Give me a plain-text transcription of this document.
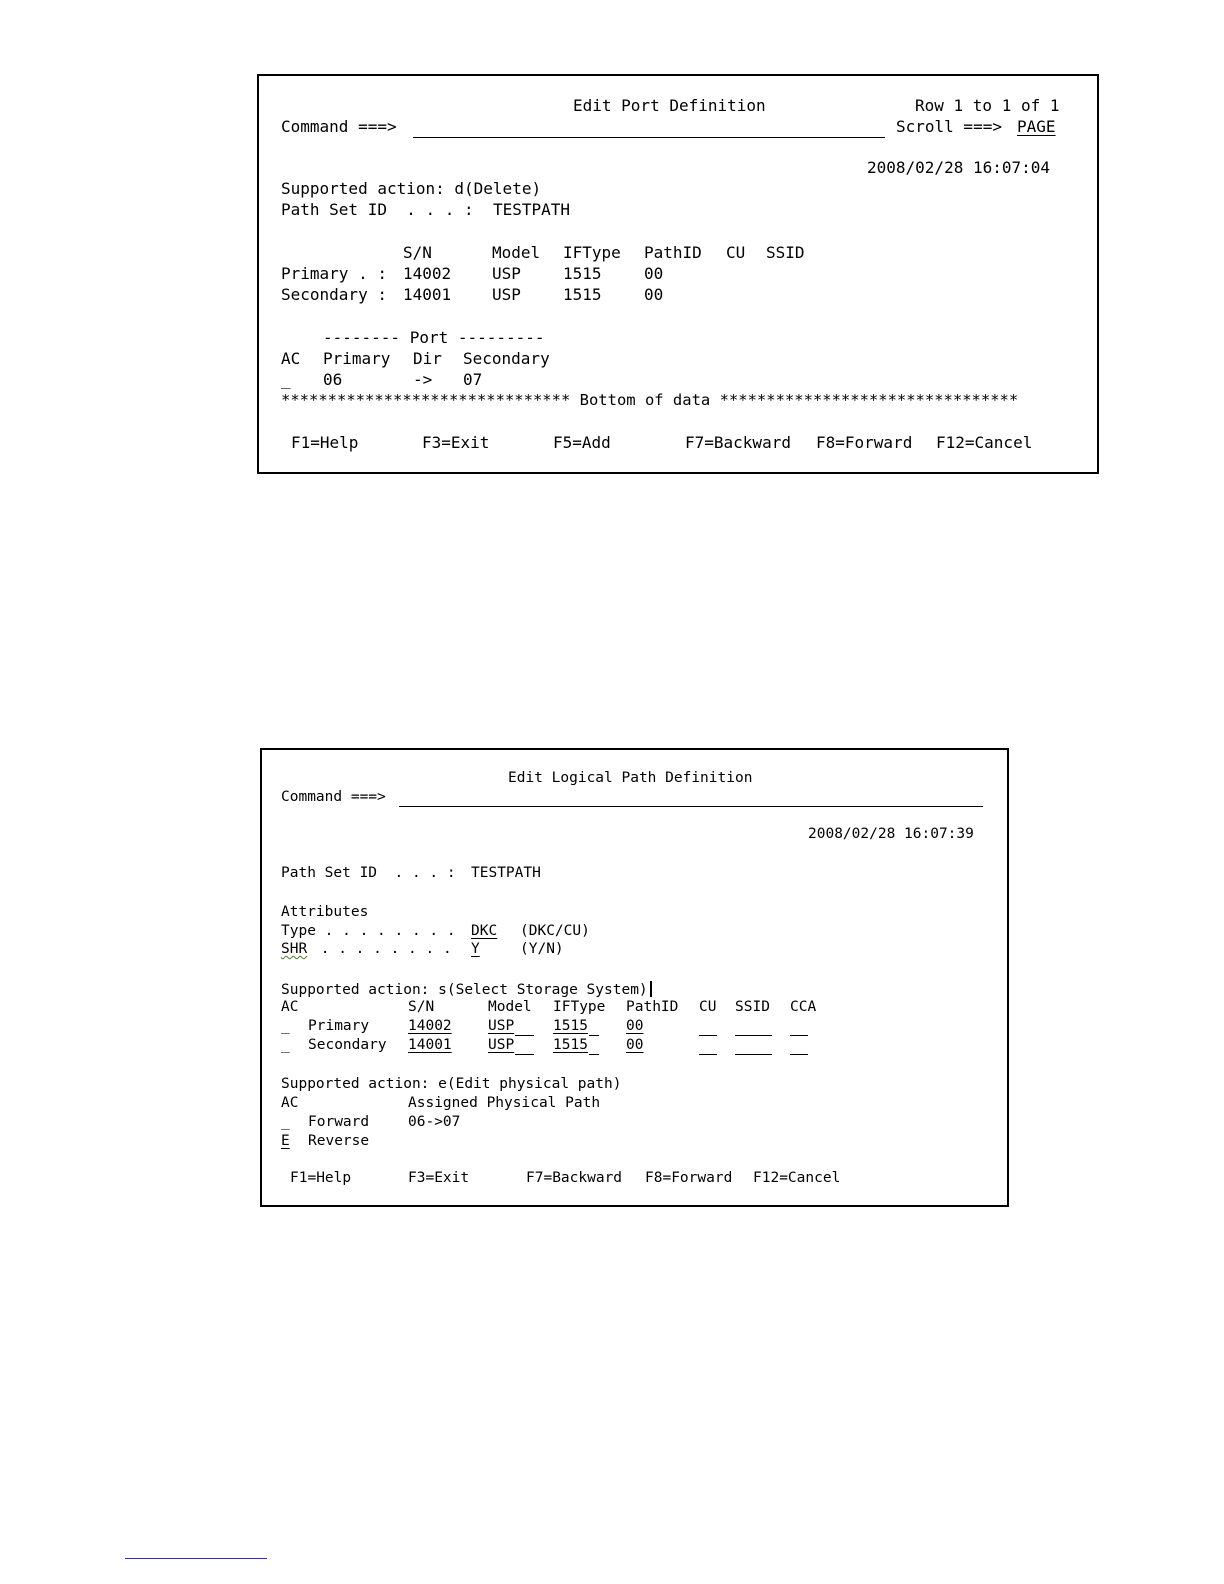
Edit Port Definition	Row 1 to 1 of 1
Command ===>	Scroll ===> PAGE
2008/02/28 16:07:04
Supported action: d(Delete)
Path Set ID  . . . : TESTPATH
S/N	Model IFType PathID CU SSID
Primary . : 14002	USP	1515	00
Secondary : 14001	USP	1515	00
-------- Port ---------
AC Primary Dir Secondary
_ 06	-> 07
******************************* Bottom of data ********************************
F1=Help	F3=Exit	F5=Add	F7=Backward F8=Forward F12=Cancel
Edit Logical Path Definition
Command ===>
2008/02/28 16:07:39
Path Set ID  . . . : TESTPATH
Attributes
Type . . . . . . . . DKC (DKC/CU)
SHR . . . . . . . . Y	(Y/N)
Supported action: s(Select Storage System)
AC	S/N	Model IFType PathID CU SSID CCA
_ Primary	14002	USP	1515	00
_ Secondary 14001	USP	1515	00
Supported action: e(Edit physical path)
AC	Assigned Physical Path
_ Forward	06->07
E Reverse
F1=Help	F3=Exit	F7=Backward F8=Forward F12=Cancel
